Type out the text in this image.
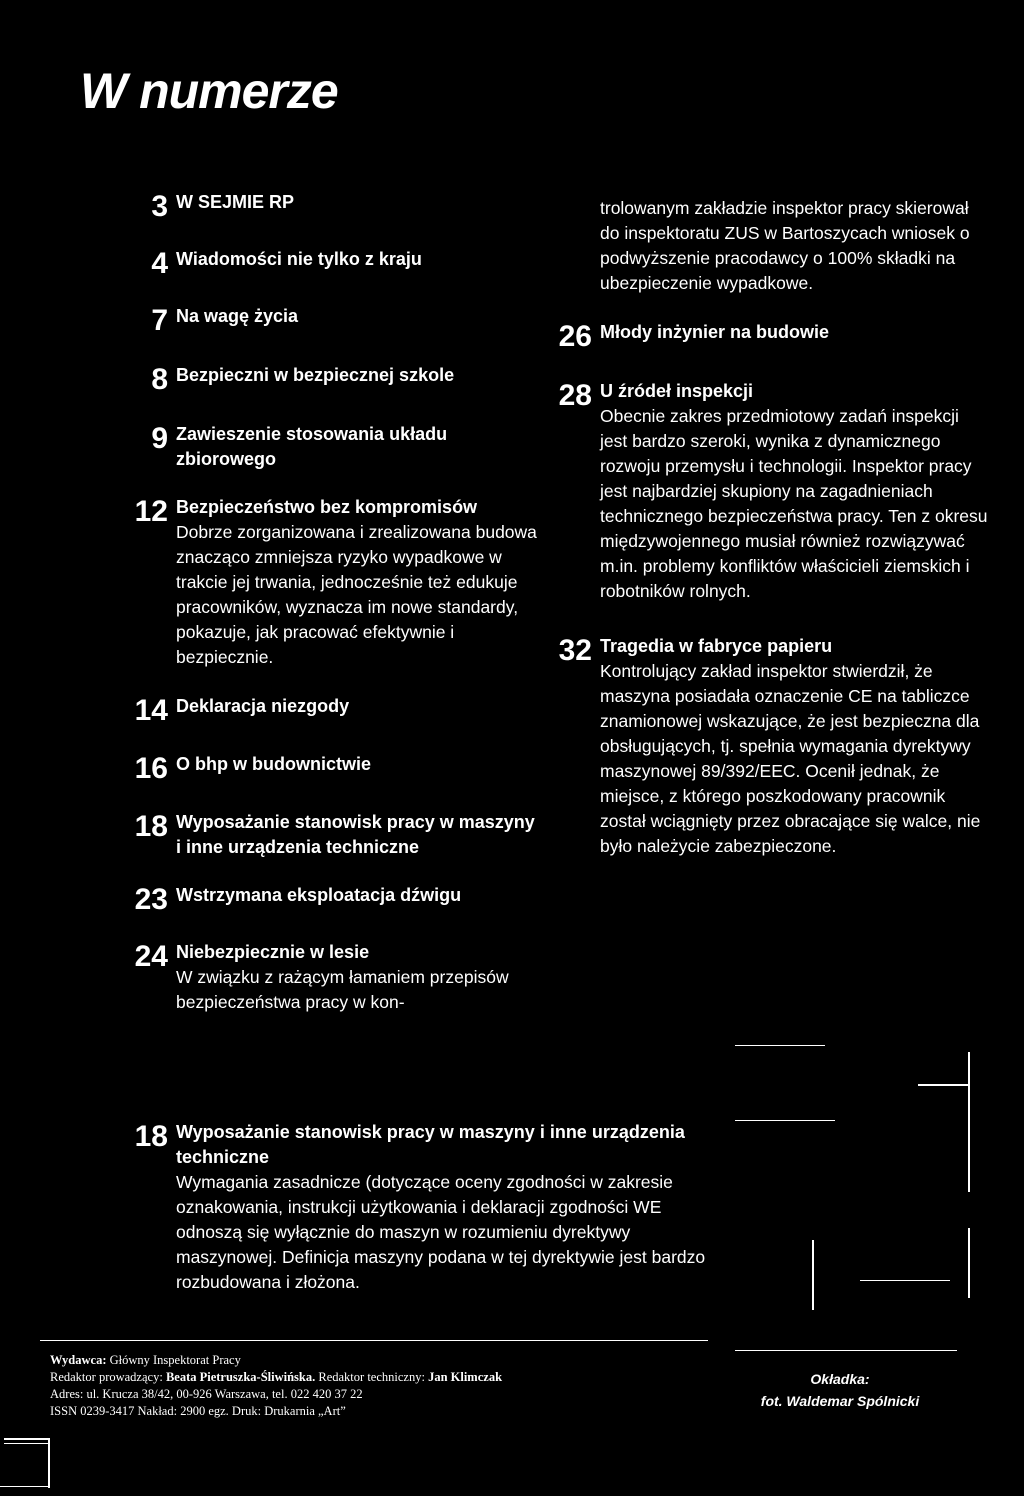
W numerze
3 W SEJMIE RP
4 Wiadomości nie tylko z kraju
7 Na wagę życia
8 Bezpieczni w bezpiecznej szkole
9 Zawieszenie stosowania układu zbiorowego
12 Bezpieczeństwo bez kompromisów
Dobrze zorganizowana i zrealizowana budowa znacząco zmniejsza ryzyko wypadkowe w trakcie jej trwania, jednocześnie też edukuje pracowników, wyznacza im nowe standardy, pokazuje, jak pracować efektywnie i bezpiecznie.
14 Deklaracja niezgody
16 O bhp w budownictwie
18 Wyposażanie stanowisk pracy w maszyny i inne urządzenia techniczne
23 Wstrzymana eksploatacja dźwigu
24 Niebezpiecznie w lesie
W związku z rażącym łamaniem przepisów bezpieczeństwa pracy w kon-
trolowanym zakładzie inspektor pracy skierował do inspektoratu ZUS w Bartoszycach wniosek o podwyższenie pracodawcy o 100% składki na ubezpieczenie wypadkowe.
26 Młody inżynier na budowie
28 U źródeł inspekcji
Obecnie zakres przedmiotowy zadań inspekcji jest bardzo szeroki, wynika z dynamicznego rozwoju przemysłu i technologii. Inspektor pracy jest najbardziej skupiony na zagadnieniach technicznego bezpieczeństwa pracy. Ten z okresu międzywojennego musiał również rozwiązywać m.in. problemy konfliktów właścicieli ziemskich i robotników rolnych.
32 Tragedia w fabryce papieru
Kontrolujący zakład inspektor stwierdził, że maszyna posiadała oznaczenie CE na tabliczce znamionowej wskazujące, że jest bezpieczna dla obsługujących, tj. spełnia wymagania dyrektywy maszynowej 89/392/EEC. Ocenił jednak, że miejsce, z którego poszkodowany pracownik został wciągnięty przez obracające się walce, nie było należycie zabezpieczone.
18 Wyposażanie stanowisk pracy w maszyny i inne urządzenia techniczne
Wymagania zasadnicze (dotyczące oceny zgodności w zakresie oznakowania, instrukcji użytkowania i deklaracji zgodności WE odnoszą się wyłącznie do maszyn w rozumieniu dyrektywy maszynowej. Definicja maszyny podana w tej dyrektywie jest bardzo rozbudowana i złożona.
Wydawca: Główny Inspektorat Pracy
Redaktor prowadzący: Beata Pietruszka-Śliwińska. Redaktor techniczny: Jan Klimczak
Adres: ul. Krucza 38/42, 00-926 Warszawa, tel. 022 420 37 22
ISSN 0239-3417 Nakład: 2900 egz. Druk: Drukarnia „Art”
Okładka:
fot. Waldemar Spólnicki
